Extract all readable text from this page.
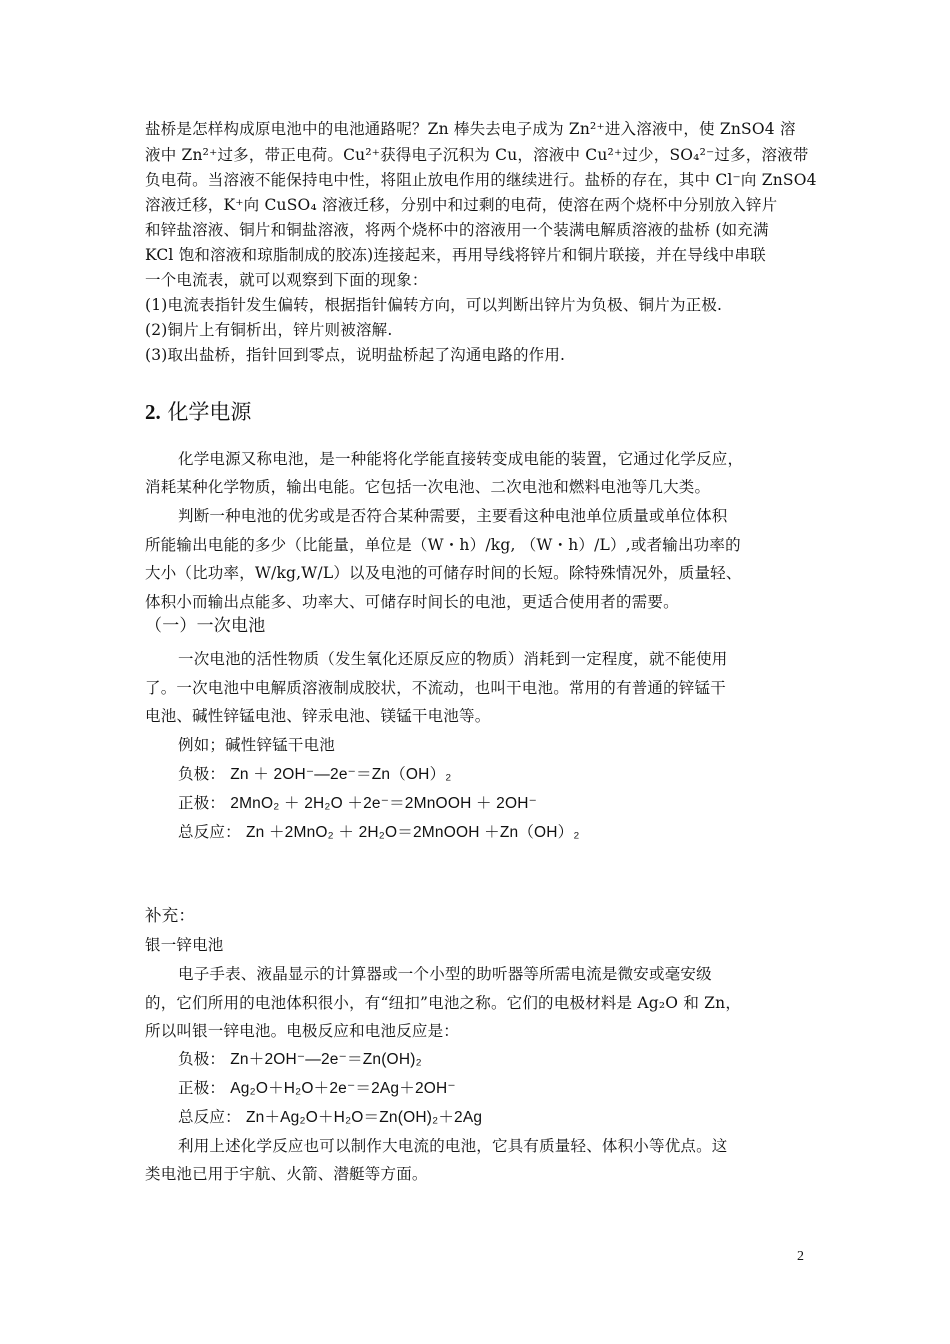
盐桥是怎样构成原电池中的电池通路呢？Zn 棒失去电子成为 Zn²⁺进入溶液中，使 ZnSO4 溶
液中 Zn²⁺过多，带正电荷。Cu²⁺获得电子沉积为 Cu，溶液中 Cu²⁺过少，SO₄²⁻过多，溶液带
负电荷。当溶液不能保持电中性，将阻止放电作用的继续进行。盐桥的存在，其中 Cl⁻向 ZnSO4
溶液迁移，K⁺向 CuSO₄ 溶液迁移，分别中和过剩的电荷，使溶在两个烧杯中分别放入锌片
和锌盐溶液、铜片和铜盐溶液，将两个烧杯中的溶液用一个装满电解质溶液的盐桥 (如充满
KCl 饱和溶液和琼脂制成的胶冻)连接起来，再用导线将锌片和铜片联接，并在导线中串联
一个电流表，就可以观察到下面的现象：
(1)电流表指针发生偏转，根据指针偏转方向，可以判断出锌片为负极、铜片为正极.
(2)铜片上有铜析出，锌片则被溶解.
(3)取出盐桥，指针回到零点，说明盐桥起了沟通电路的作用.
2. 化学电源
化学电源又称电池，是一种能将化学能直接转变成电能的装置，它通过化学反应，
消耗某种化学物质，输出电能。它包括一次电池、二次电池和燃料电池等几大类。
判断一种电池的优劣或是否符合某种需要，主要看这种电池单位质量或单位体积
所能输出电能的多少（比能量，单位是（W・h）/kg, （W・h）/L）,或者输出功率的
大小（比功率，W/kg,W/L）以及电池的可储存时间的长短。除特殊情况外，质量轻、
体积小而输出点能多、功率大、可储存时间长的电池，更适合使用者的需要。
（一）一次电池
一次电池的活性物质（发生氧化还原反应的物质）消耗到一定程度，就不能使用
了。一次电池中电解质溶液制成胶状，不流动，也叫干电池。常用的有普通的锌锰干
电池、碱性锌锰电池、锌汞电池、镁锰干电池等。
例如；碱性锌锰干电池
负极： Zn ＋ 2OH⁻—2e⁻＝Zn（OH）₂
正极： 2MnO₂ ＋ 2H₂O ＋2e⁻＝2MnOOH ＋ 2OH⁻
总反应： Zn ＋2MnO₂ ＋ 2H₂O＝2MnOOH ＋Zn（OH）₂
补充：
银一锌电池
电子手表、液晶显示的计算器或一个小型的助听器等所需电流是微安或毫安级
的，它们所用的电池体积很小，有“纽扣”电池之称。它们的电极材料是 Ag₂O 和 Zn，
所以叫银一锌电池。电极反应和电池反应是：
负极： Zn＋2OH⁻—2e⁻＝Zn(OH)₂
正极： Ag₂O＋H₂O＋2e⁻＝2Ag＋2OH⁻
总反应： Zn＋Ag₂O＋H₂O＝Zn(OH)₂＋2Ag
利用上述化学反应也可以制作大电流的电池，它具有质量轻、体积小等优点。这
类电池已用于宇航、火箭、潜艇等方面。
2
